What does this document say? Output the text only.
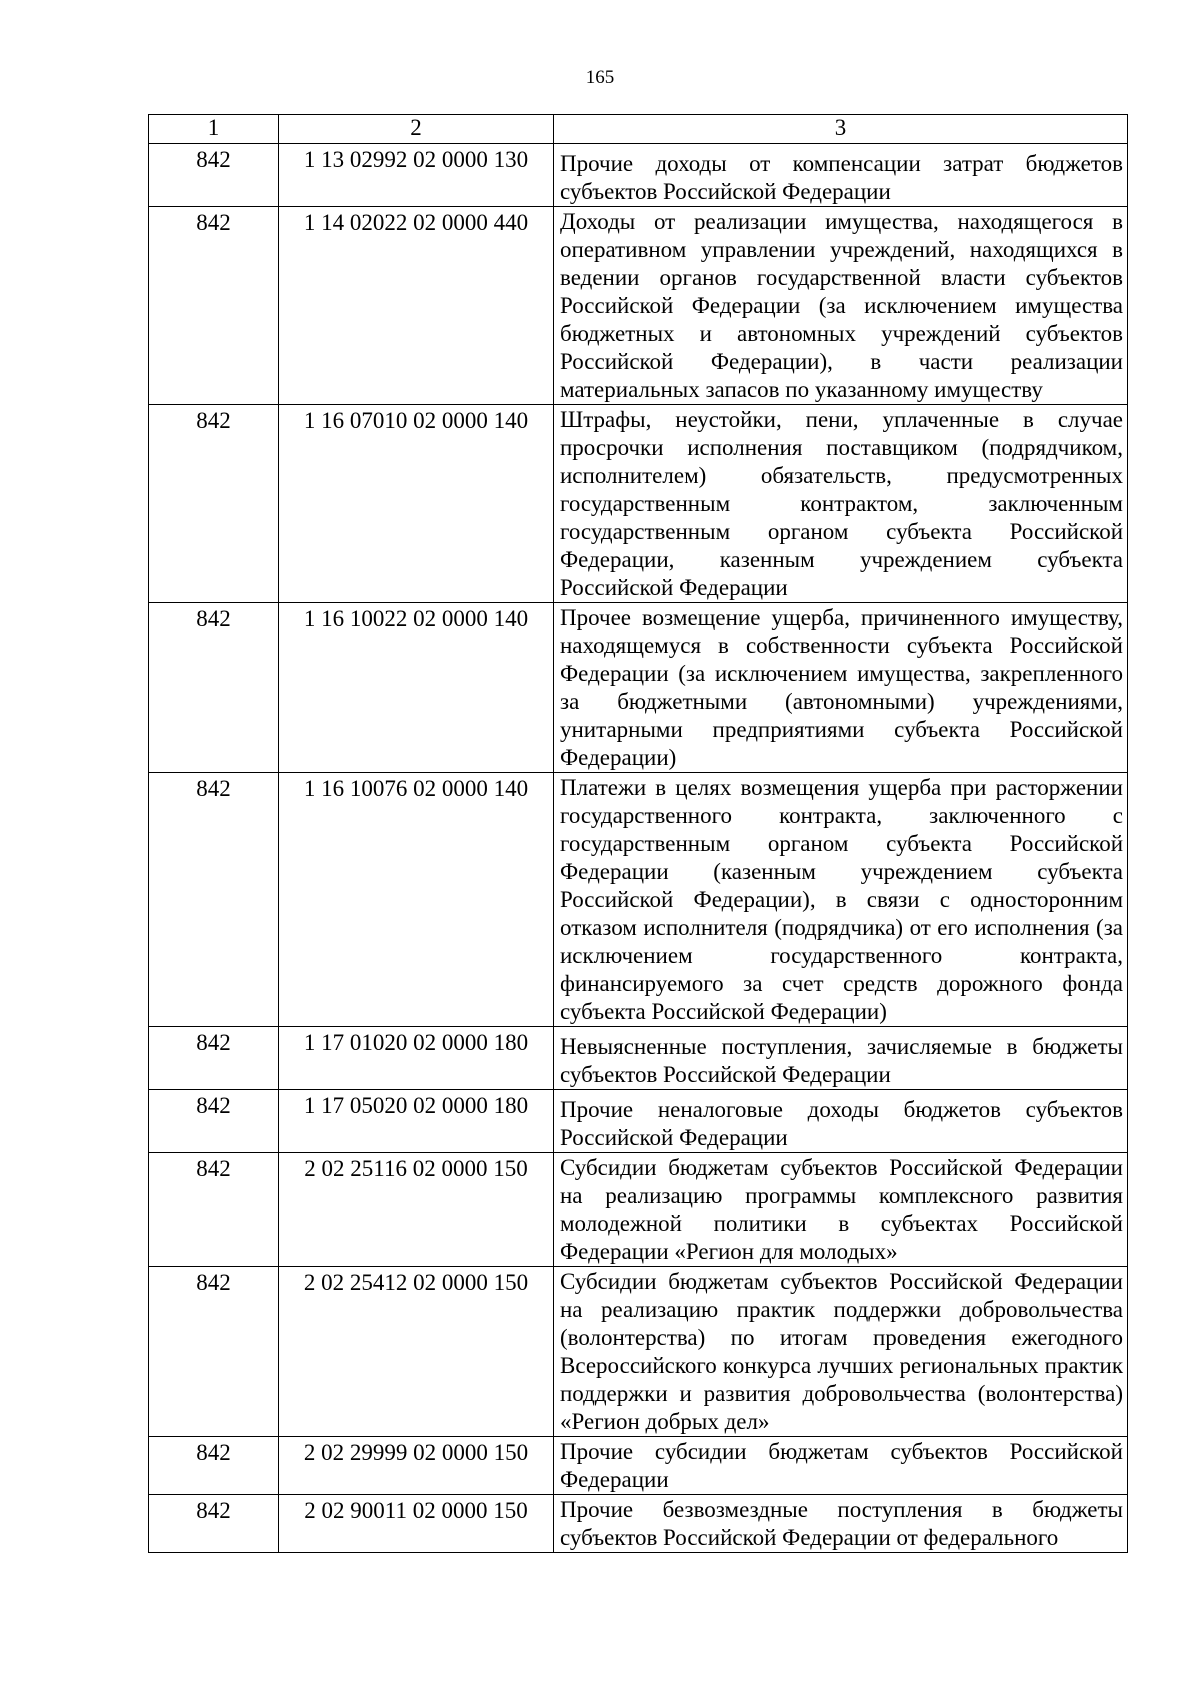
165
1	2	3
842	1 13 02992 02 0000 130	Прочие доходы от компенсации затрат бюджетов субъектов Российской Федерации
842	1 14 02022 02 0000 440	Доходы от реализации имущества, находящегося в оперативном управлении учреждений, находящихся в ведении органов государственной власти субъектов Российской Федерации (за исключением имущества бюджетных и автономных учреждений субъектов Российской Федерации), в части реализации материальных запасов по указанному имуществу
842	1 16 07010 02 0000 140	Штрафы, неустойки, пени, уплаченные в случае просрочки исполнения поставщиком (подрядчиком, исполнителем) обязательств, предусмотренных государственным контрактом, заключенным государственным органом субъекта Российской Федерации, казенным учреждением субъекта Российской Федерации
842	1 16 10022 02 0000 140	Прочее возмещение ущерба, причиненного имуществу, находящемуся в собственности субъекта Российской Федерации (за исключением имущества, закрепленного за бюджетными (автономными) учреждениями, унитарными предприятиями субъекта Российской Федерации)
842	1 16 10076 02 0000 140	Платежи в целях возмещения ущерба при расторжении государственного контракта, заключенного с государственным органом субъекта Российской Федерации (казенным учреждением субъекта Российской Федерации), в связи с односторонним отказом исполнителя (подрядчика) от его исполнения (за исключением государственного контракта, финансируемого за счет средств дорожного фонда субъекта Российской Федерации)
842	1 17 01020 02 0000 180	Невыясненные поступления, зачисляемые в бюджеты субъектов Российской Федерации
842	1 17 05020 02 0000 180	Прочие неналоговые доходы бюджетов субъектов Российской Федерации
842	2 02 25116 02 0000 150	Субсидии бюджетам субъектов Российской Федерации на реализацию программы комплексного развития молодежной политики в субъектах Российской Федерации «Регион для молодых»
842	2 02 25412 02 0000 150	Субсидии бюджетам субъектов Российской Федерации на реализацию практик поддержки добровольчества (волонтерства) по итогам проведения ежегодного Всероссийского конкурса лучших региональных практик поддержки и развития добровольчества (волонтерства) «Регион добрых дел»
842	2 02 29999 02 0000 150	Прочие субсидии бюджетам субъектов Российской Федерации
842	2 02 90011 02 0000 150	Прочие безвозмездные поступления в бюджеты субъектов Российской Федерации от федерального
